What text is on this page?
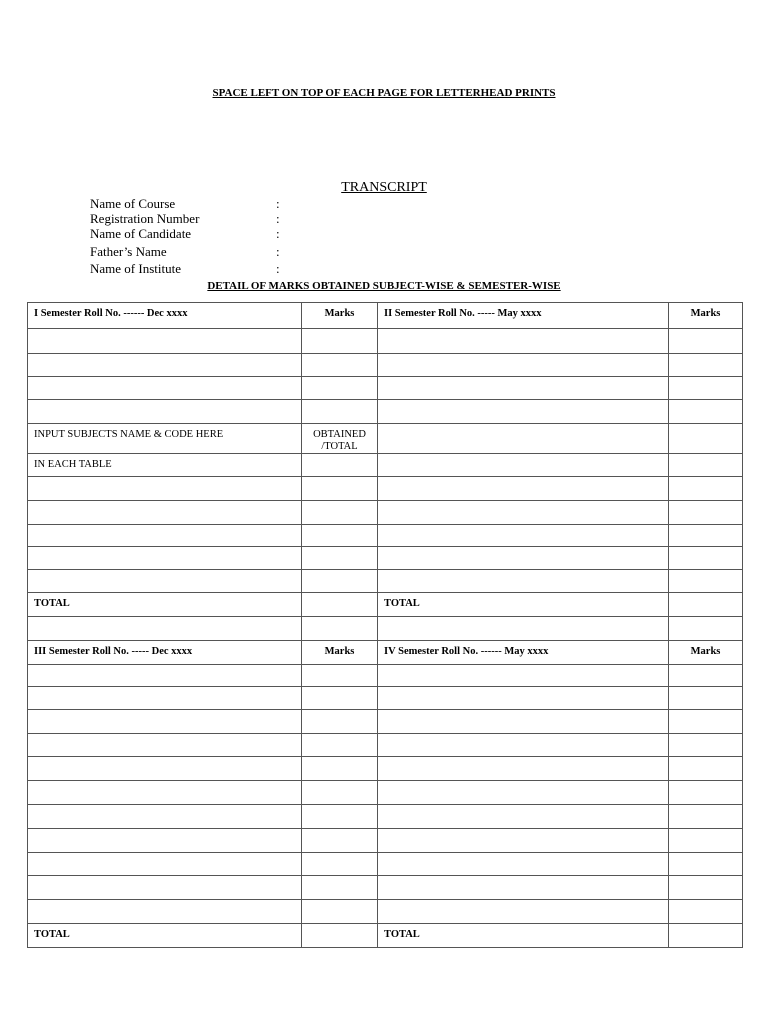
SPACE LEFT ON TOP OF EACH PAGE FOR LETTERHEAD PRINTS
TRANSCRIPT
Name of Course	:
Registration Number	:
Name of Candidate	:
Father’s Name	:
Name of Institute	:
DETAIL OF MARKS OBTAINED SUBJECT-WISE & SEMESTER-WISE
I Semester Roll No. ------ Dec xxxx	Marks	II Semester Roll No. ----- May xxxx	Marks

INPUT SUBJECTS NAME & CODE HERE	OBTAINED
/TOTAL		
IN EACH TABLE			

TOTAL		TOTAL	

III Semester Roll No. ----- Dec xxxx	Marks	IV Semester Roll No. ------ May xxxx	Marks

TOTAL		TOTAL	
